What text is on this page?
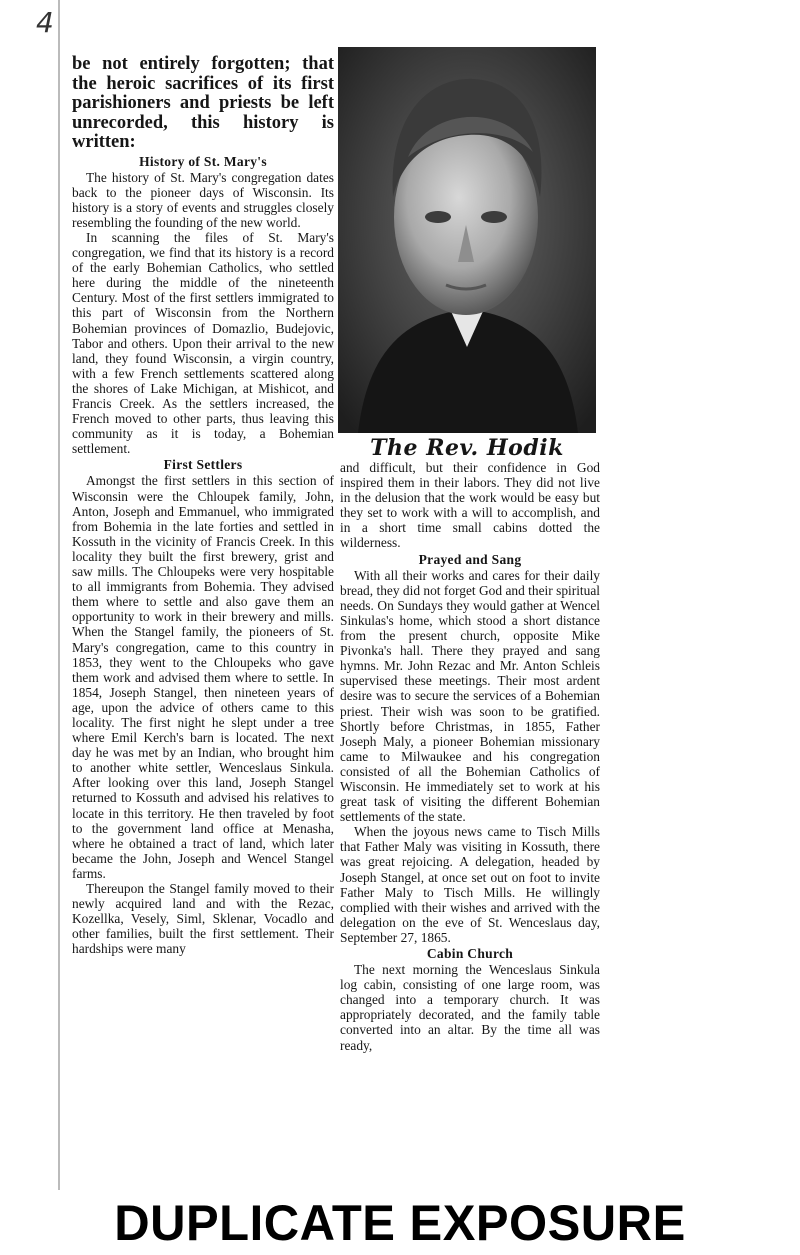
4

be not entirely forgotten; that the heroic sacrifices of its first parishioners and priests be left unrecorded, this history is written:

History of St. Mary's

The history of St. Mary's congregation dates back to the pioneer days of Wisconsin. Its history is a story of events and struggles closely resembling the founding of the new world.

In scanning the files of St. Mary's congregation, we find that its history is a record of the early Bohemian Catholics, who settled here during the middle of the nineteenth Century. Most of the first settlers immigrated to this part of Wisconsin from the Northern Bohemian provinces of Domazlio, Budejovic, Tabor and others. Upon their arrival to the new land, they found Wisconsin, a virgin country, with a few French settlements scattered along the shores of Lake Michigan, at Mishicot, and Francis Creek. As the settlers increased, the French moved to other parts, thus leaving this community as it is today, a Bohemian settlement.

First Settlers

Amongst the first settlers in this section of Wisconsin were the Chloupek family, John, Anton, Joseph and Emmanuel, who immigrated from Bohemia in the late forties and settled in Kossuth in the vicinity of Francis Creek. In this locality they built the first brewery, grist and saw mills. The Chloupeks were very hospitable to all immigrants from Bohemia. They advised them where to settle and also gave them an opportunity to work in their brewery and mills. When the Stangel family, the pioneers of St. Mary's congregation, came to this country in 1853, they went to the Chloupeks who gave them work and advised them where to settle. In 1854, Joseph Stangel, then nineteen years of age, upon the advice of others came to this locality. The first night he slept under a tree where Emil Kerch's barn is located. The next day he was met by an Indian, who brought him to another white settler, Wenceslaus Sinkula. After looking over this land, Joseph Stangel returned to Kossuth and advised his relatives to locate in this territory. He then traveled by foot to the government land office at Menasha, where he obtained a tract of land, which later became the John, Joseph and Wencel Stangel farms.

Thereupon the Stangel family moved to their newly acquired land and with the Rezac, Kozellka, Vesely, Siml, Sklenar, Vocadlo and other families, built the first settlement. Their hardships were many

The Rev. Hodik

and difficult, but their confidence in God inspired them in their labors. They did not live in the delusion that the work would be easy but they set to work with a will to accomplish, and in a short time small cabins dotted the wilderness.

Prayed and Sang

With all their works and cares for their daily bread, they did not forget God and their spiritual needs. On Sundays they would gather at Wencel Sinkulas's home, which stood a short distance from the present church, opposite Mike Pivonka's hall. There they prayed and sang hymns. Mr. John Rezac and Mr. Anton Schleis supervised these meetings. Their most ardent desire was to secure the services of a Bohemian priest. Their wish was soon to be gratified. Shortly before Christmas, in 1855, Father Joseph Maly, a pioneer Bohemian missionary came to Milwaukee and his congregation consisted of all the Bohemian Catholics of Wisconsin. He immediately set to work at his great task of visiting the different Bohemian settlements of the state.

When the joyous news came to Tisch Mills that Father Maly was visiting in Kossuth, there was great rejoicing. A delegation, headed by Joseph Stangel, at once set out on foot to invite Father Maly to Tisch Mills. He willingly complied with their wishes and arrived with the delegation on the eve of St. Wenceslaus day, September 27, 1865.

Cabin Church

The next morning the Wenceslaus Sinkula log cabin, consisting of one large room, was changed into a temporary church. It was appropriately decorated, and the family table converted into an altar. By the time all was ready,

DUPLICATE EXPOSURE
